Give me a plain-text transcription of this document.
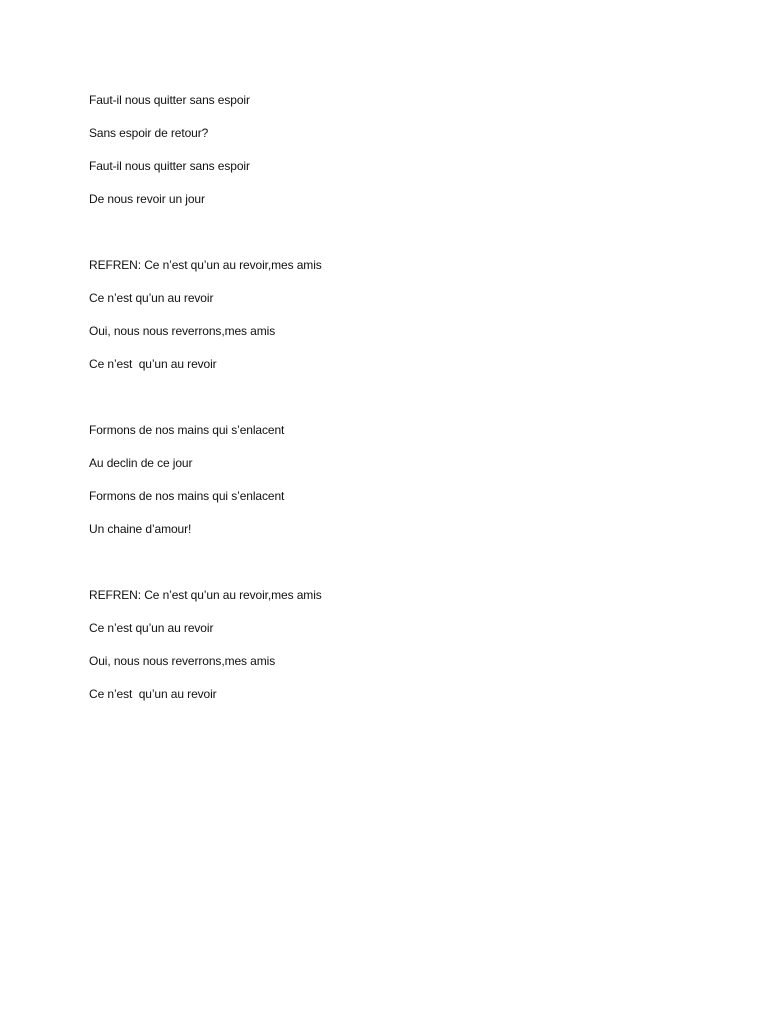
Faut-il nous quitter sans espoir
Sans espoir de retour?
Faut-il nous quitter sans espoir
De nous revoir un jour
REFREN: Ce n’est qu’un au revoir,mes amis
Ce n’est qu’un au revoir
Oui, nous nous reverrons,mes amis
Ce n’est  qu’un au revoir
Formons de nos mains qui s’enlacent
Au declin de ce jour
Formons de nos mains qui s’enlacent
Un chaine d’amour!
REFREN: Ce n’est qu’un au revoir,mes amis
Ce n’est qu’un au revoir
Oui, nous nous reverrons,mes amis
Ce n’est  qu’un au revoir
